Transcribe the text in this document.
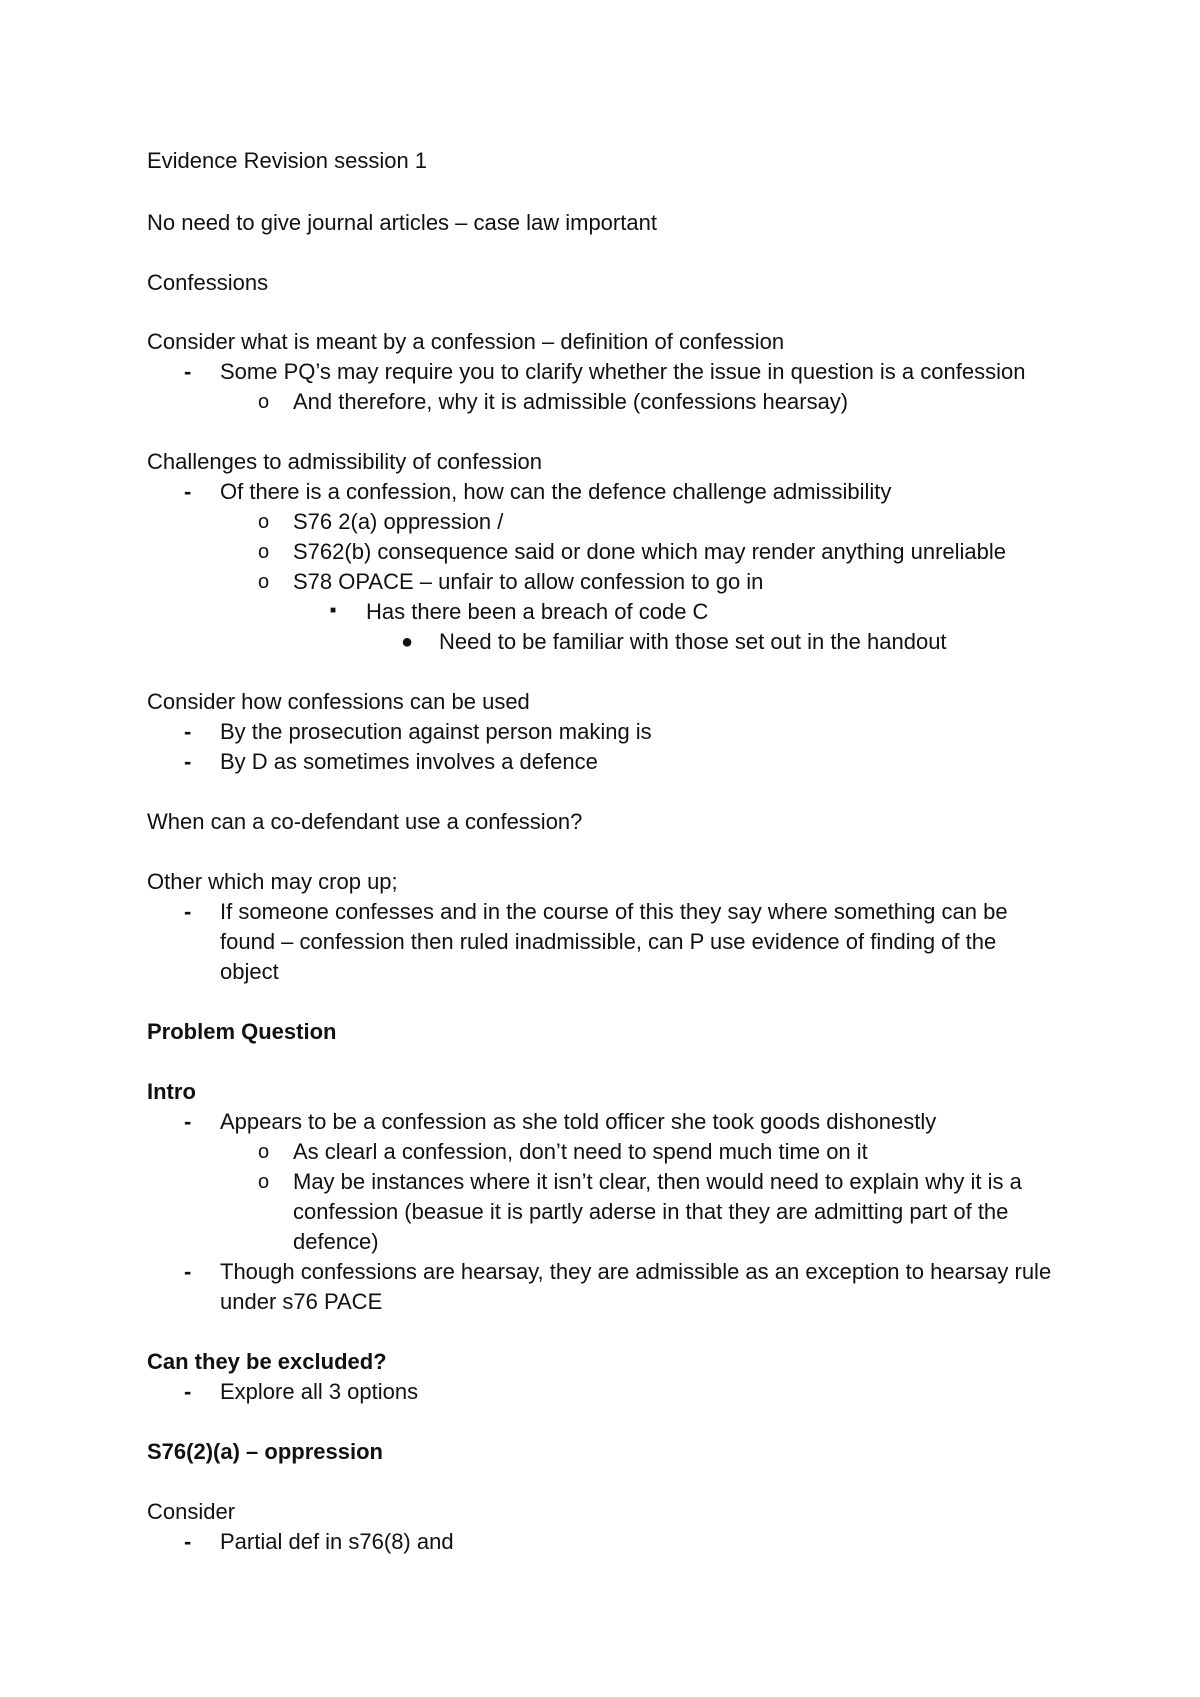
Evidence Revision session 1
No need to give journal articles – case law important
Confessions
Consider what is meant by a confession – definition of confession
- Some PQ’s may require you to clarify whether the issue in question is a confession
o And therefore, why it is admissible (confessions hearsay)
Challenges to admissibility of confession
- Of there is a confession, how can the defence challenge admissibility
o S76 2(a) oppression /
o S762(b) consequence said or done which may render anything unreliable
o S78 OPACE – unfair to allow confession to go in
■ Has there been a breach of code C
● Need to be familiar with those set out in the handout
Consider how confessions can be used
- By the prosecution against person making is
- By D as sometimes involves a defence
When can a co-defendant use a confession?
Other which may crop up;
- If someone confesses and in the course of this they say where something can be
found – confession then ruled inadmissible, can P use evidence of finding of the
object
Problem Question
Intro
- Appears to be a confession as she told officer she took goods dishonestly
o As clearl a confession, don’t need to spend much time on it
o May be instances where it isn’t clear, then would need to explain why it is a
confession (beasue it is partly aderse in that they are admitting part of the
defence)
- Though confessions are hearsay, they are admissible as an exception to hearsay rule
under s76 PACE
Can they be excluded?
- Explore all 3 options
S76(2)(a) – oppression
Consider
- Partial def in s76(8) and
